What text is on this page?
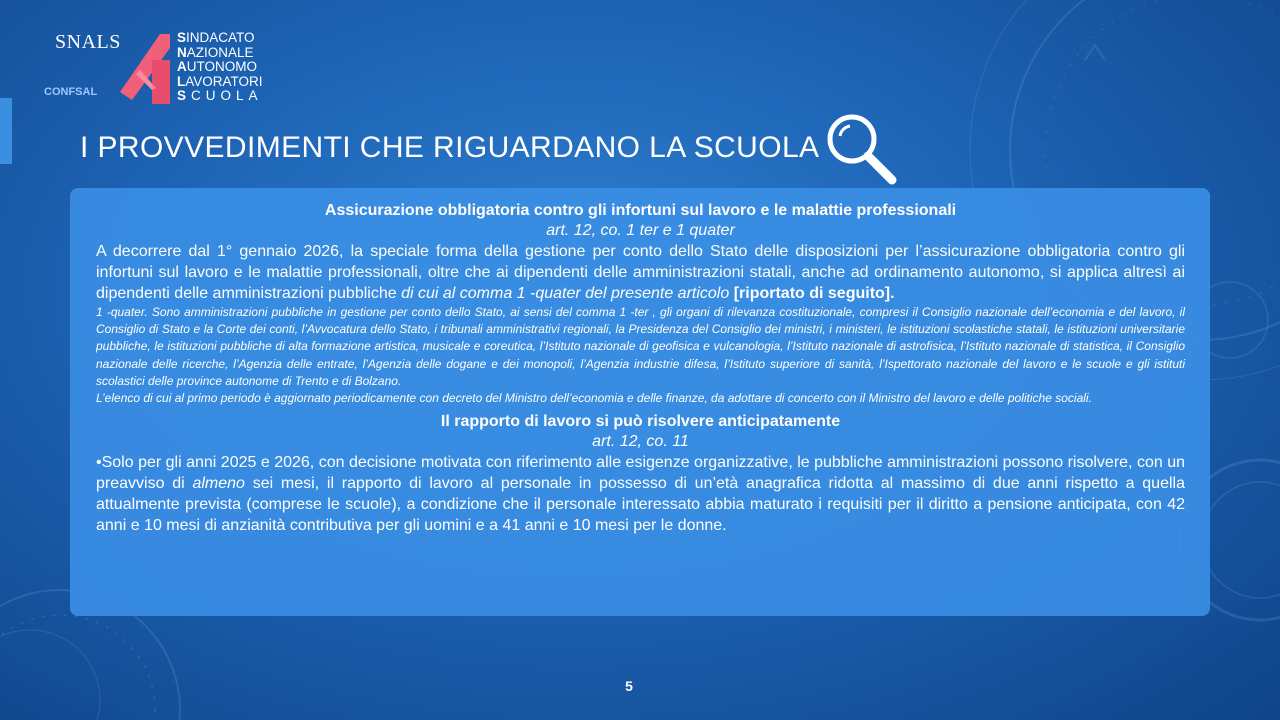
SNALS
CONFSAL
SINDACATO
NAZIONALE
AUTONOMO
LAVORATORI
SCUOLA
I PROVVEDIMENTI CHE RIGUARDANO LA SCUOLA
Assicurazione obbligatoria contro gli infortuni sul lavoro e le malattie professionali
art. 12, co. 1 ter e 1 quater
A decorrere dal 1° gennaio 2026, la speciale forma della gestione per conto dello Stato delle disposizioni per l’assicurazione obbligatoria contro gli infortuni sul lavoro e le malattie professionali, oltre che ai dipendenti delle amministrazioni statali, anche ad ordinamento autonomo, si applica altresì ai dipendenti delle amministrazioni pubbliche di cui al comma 1 -quater del presente articolo [riportato di seguito].
1 -quater. Sono amministrazioni pubbliche in gestione per conto dello Stato, ai sensi del comma 1 -ter , gli organi di rilevanza costituzionale, compresi il Consiglio nazionale dell’economia e del lavoro, il Consiglio di Stato e la Corte dei conti, l’Avvocatura dello Stato, i tribunali amministrativi regionali, la Presidenza del Consiglio dei ministri, i ministeri, le istituzioni scolastiche statali, le istituzioni universitarie pubbliche, le istituzioni pubbliche di alta formazione artistica, musicale e coreutica, l’Istituto nazionale di geofisica e vulcanologia, l’Istituto nazionale di astrofisica, l’Istituto nazionale di statistica, il Consiglio nazionale delle ricerche, l’Agenzia delle entrate, l’Agenzia delle dogane e dei monopoli, l’Agenzia industrie difesa, l’Istituto superiore di sanità, l’Ispettorato nazionale del lavoro e le scuole e gli istituti scolastici delle province autonome di Trento e di Bolzano.
L’elenco di cui al primo periodo è aggiornato periodicamente con decreto del Ministro dell’economia e delle finanze, da adottare di concerto con il Ministro del lavoro e delle politiche sociali.
Il rapporto di lavoro si può risolvere anticipatamente
art. 12, co. 11
•Solo per gli anni 2025 e 2026, con decisione motivata con riferimento alle esigenze organizzative, le pubbliche amministrazioni possono risolvere, con un preavviso di almeno sei mesi, il rapporto di lavoro al personale in possesso di un’età anagrafica ridotta al massimo di due anni rispetto a quella attualmente prevista (comprese le scuole), a condizione che il personale interessato abbia maturato i requisiti per il diritto a pensione anticipata, con 42 anni e 10 mesi di anzianità contributiva per gli uomini e a 41 anni e 10 mesi per le donne.
5
